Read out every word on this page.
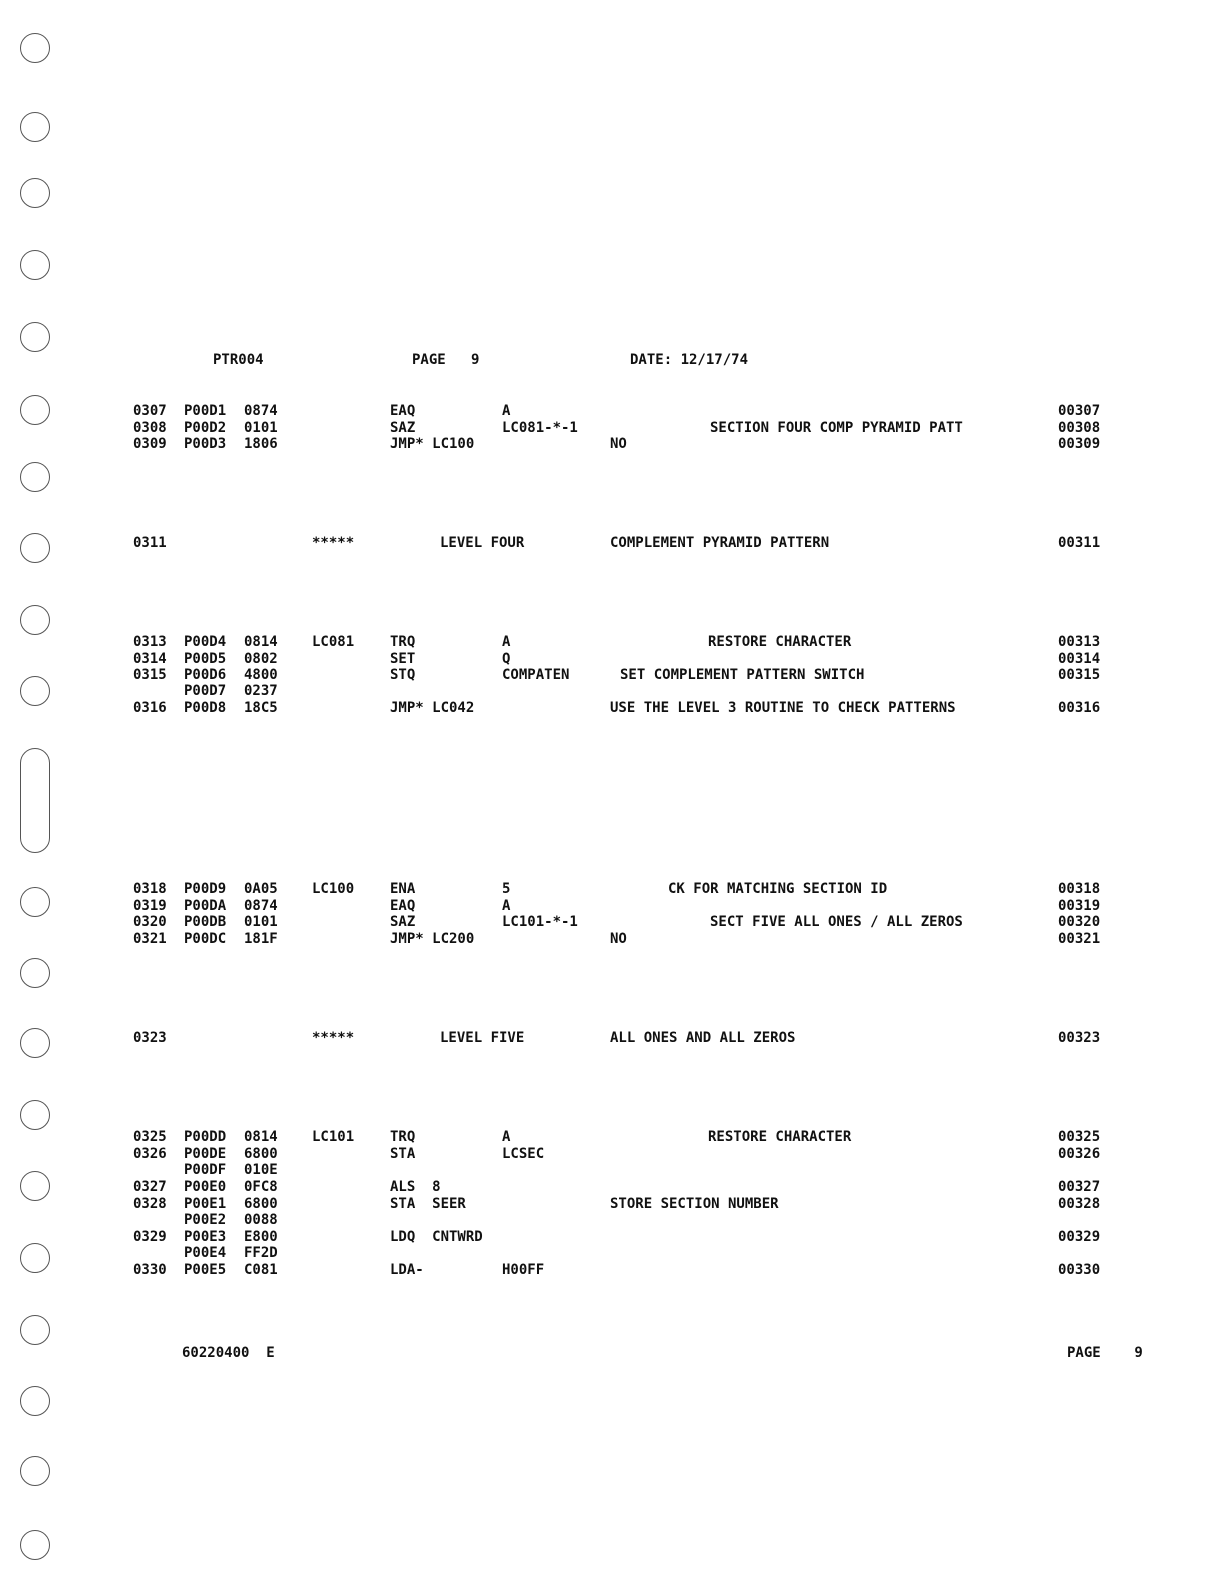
PTR004	PAGE   9	DATE: 12/17/74
0307 P00D1 0874	EAQ	A	00307
0308 P00D2 0101	SAZ	LC081-*-1	SECTION FOUR COMP PYRAMID PATT	00308
0309 P00D3 1806	JMP* LC100	NO	00309
0311	*****	LEVEL FOUR	COMPLEMENT PYRAMID PATTERN	00311
0313 P00D4 0814 LC081	TRQ	A	RESTORE CHARACTER	00313
0314 P00D5 0802	SET	Q	00314
0315 P00D6 4800	STQ	COMPATEN	SET COMPLEMENT PATTERN SWITCH	00315
P00D7 0237
0316 P00D8 18C5	JMP* LC042	USE THE LEVEL 3 ROUTINE TO CHECK PATTERNS	00316
0318 P00D9 0A05 LC100	ENA	5	CK FOR MATCHING SECTION ID	00318
0319 P00DA 0874	EAQ	A	00319
0320 P00DB 0101	SAZ	LC101-*-1	SECT FIVE ALL ONES / ALL ZEROS	00320
0321 P00DC 181F	JMP* LC200	NO	00321
0323	*****	LEVEL FIVE	ALL ONES AND ALL ZEROS	00323
0325 P00DD 0814 LC101	TRQ	A	RESTORE CHARACTER	00325
0326 P00DE 6800	STA	LCSEC	00326
P00DF 010E
0327 P00E0 0FC8	ALS  8	00327
0328 P00E1 6800	STA  SEER	STORE SECTION NUMBER	00328
P00E2 0088
0329 P00E3 E800	LDQ  CNTWRD	00329
P00E4 FF2D
0330 P00E5 C081	LDA-	H00FF	00330
60220400  E	PAGE    9
